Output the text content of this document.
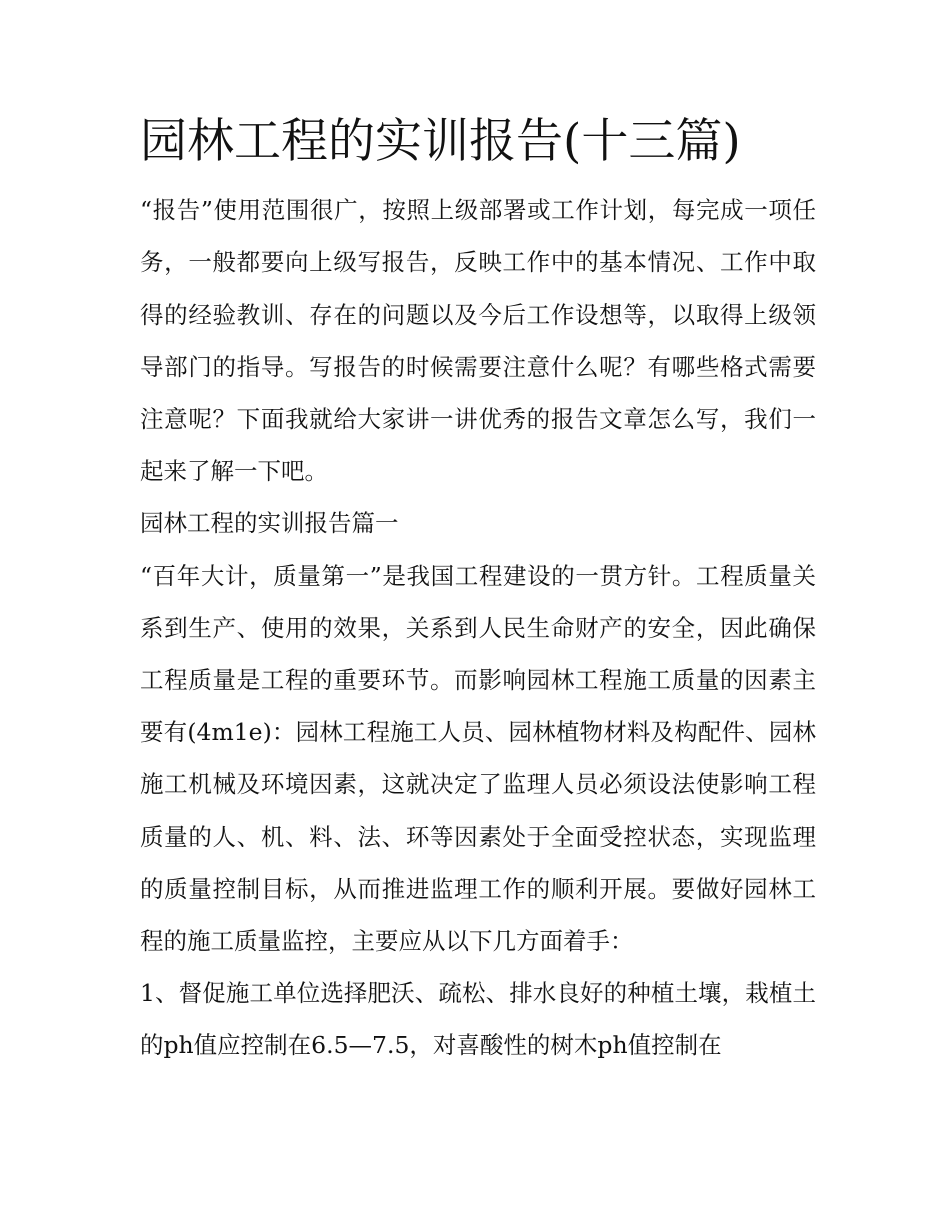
园林工程的实训报告(十三篇)

“报告”使用范围很广，按照上级部署或工作计划，每完成一项任务，一般都要向上级写报告，反映工作中的基本情况、工作中取得的经验教训、存在的问题以及今后工作设想等，以取得上级领导部门的指导。写报告的时候需要注意什么呢？有哪些格式需要注意呢？下面我就给大家讲一讲优秀的报告文章怎么写，我们一起来了解一下吧。

园林工程的实训报告篇一

“百年大计，质量第一”是我国工程建设的一贯方针。工程质量关系到生产、使用的效果，关系到人民生命财产的安全，因此确保工程质量是工程的重要环节。而影响园林工程施工质量的因素主要有(4m1e)：园林工程施工人员、园林植物材料及构配件、园林施工机械及环境因素，这就决定了监理人员必须设法使影响工程质量的人、机、料、法、环等因素处于全面受控状态，实现监理的质量控制目标，从而推进监理工作的顺利开展。要做好园林工程的施工质量监控，主要应从以下几方面着手：

1、督促施工单位选择肥沃、疏松、排水良好的种植土壤，栽植土的ph值应控制在6.5—7.5，对喜酸性的树木ph值控制在
